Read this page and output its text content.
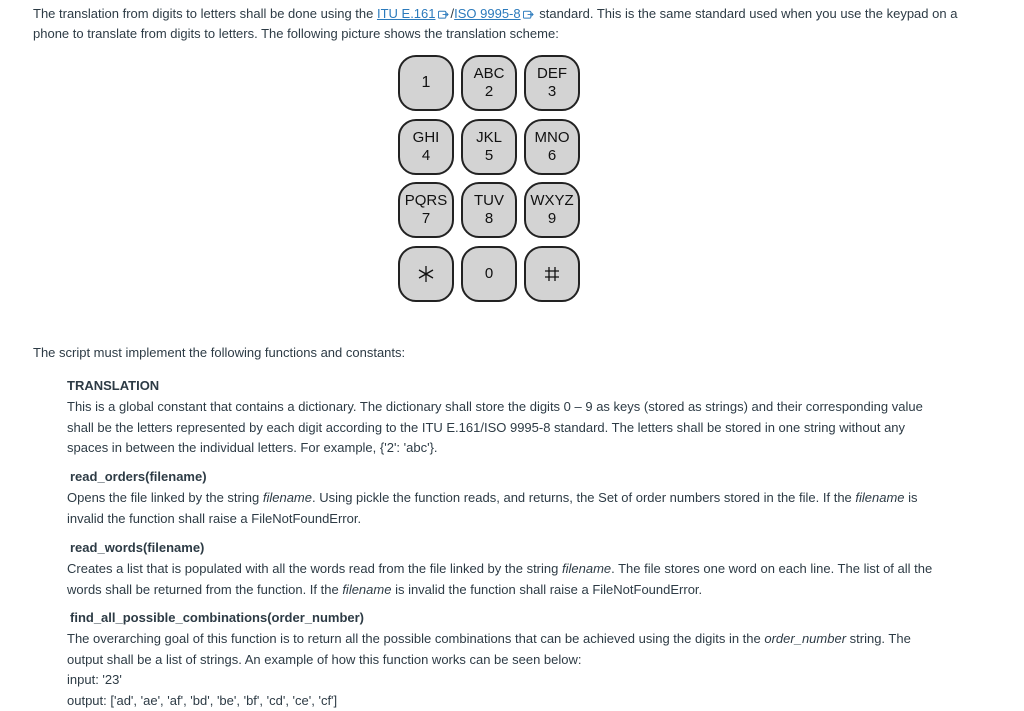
The translation from digits to letters shall be done using the ITU E.161 /ISO 9995-8 standard. This is the same standard used when you use the keypad on a phone to translate from digits to letters. The following picture shows the translation scheme:

1
ABC
2
DEF
3
GHI
4
JKL
5
MNO
6
PQRS
7
TUV
8
WXYZ
9
0

The script must implement the following functions and constants:

TRANSLATION

This is a global constant that contains a dictionary. The dictionary shall store the digits 0 – 9 as keys (stored as strings) and their corresponding value shall be the letters represented by each digit according to the ITU E.161/ISO 9995-8 standard. The letters shall be stored in one string without any spaces in between the individual letters. For example, {'2': 'abc'}.

read_orders(filename)

Opens the file linked by the string filename. Using pickle the function reads, and returns, the Set of order numbers stored in the file. If the filename is invalid the function shall raise a FileNotFoundError.

read_words(filename)

Creates a list that is populated with all the words read from the file linked by the string filename. The file stores one word on each line. The list of all the words shall be returned from the function. If the filename is invalid the function shall raise a FileNotFoundError.

find_all_possible_combinations(order_number)

The overarching goal of this function is to return all the possible combinations that can be achieved using the digits in the order_number string. The output shall be a list of strings. An example of how this function works can be seen below:

input: '23'
output: ['ad', 'ae', 'af', 'bd', 'be', 'bf', 'cd', 'ce', 'cf']
